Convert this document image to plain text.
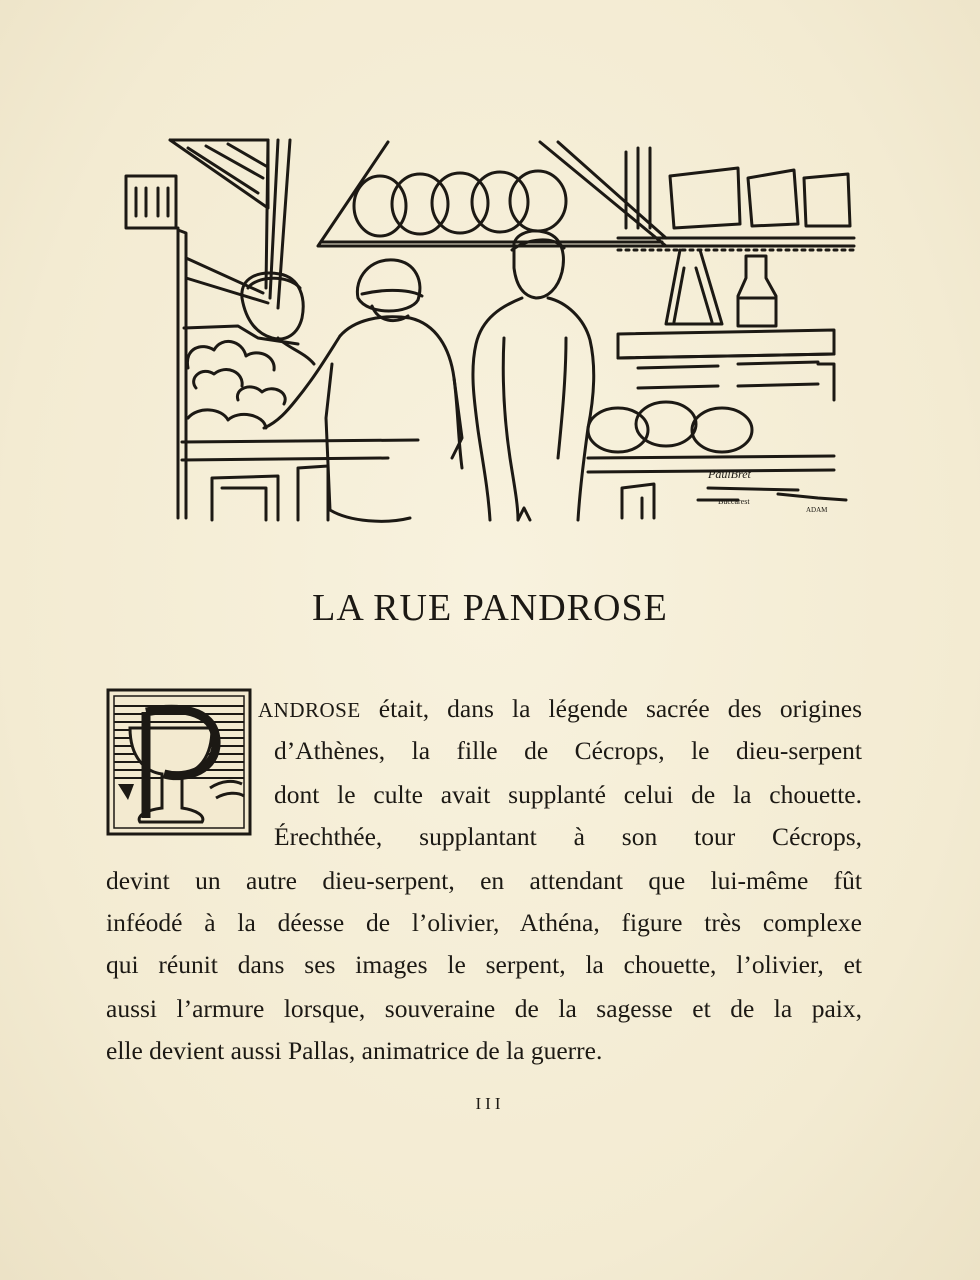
PaulBret
Buccarest
ADAM
LA RUE PANDROSE
ANDROSE était, dans la légende sacrée des origines
d’Athènes, la fille de Cécrops, le dieu-serpent
dont le culte avait supplanté celui de la chouette.
Érechthée, supplantant à son tour Cécrops,
devint un autre dieu-serpent, en attendant que lui-même fût
inféodé à la déesse de l’olivier, Athéna, figure très complexe
qui réunit dans ses images le serpent, la chouette, l’olivier, et
aussi l’armure lorsque, souveraine de la sagesse et de la paix,
elle devient aussi Pallas, animatrice de la guerre.
III
